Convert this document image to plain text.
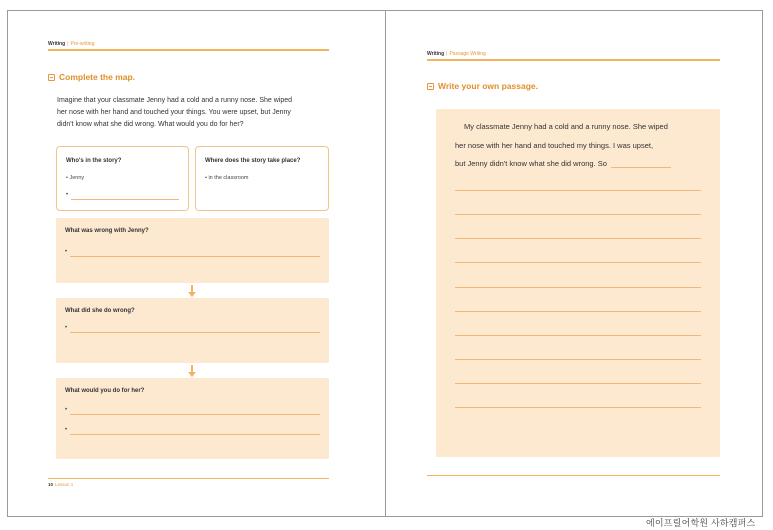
Writing | Pre-writing
Complete the map.
Imagine that your classmate Jenny had a cold and a runny nose. She wiped
her nose with her hand and touched your things. You were upset, but Jenny
didn't know what she did wrong. What would you do for her?
Who's in the story?
• Jenny
•
Where does the story take place?
• in the classroom
What was wrong with Jenny?
•
What did she do wrong?
•
What would you do for her?
•
•
10 Lesson 1
Writing | Passage Writing
Write your own passage.
My classmate Jenny had a cold and a runny nose. She wiped
her nose with her hand and touched my things. I was upset,
but Jenny didn't know what she did wrong. So
에이프릴어학원 사하캠퍼스
